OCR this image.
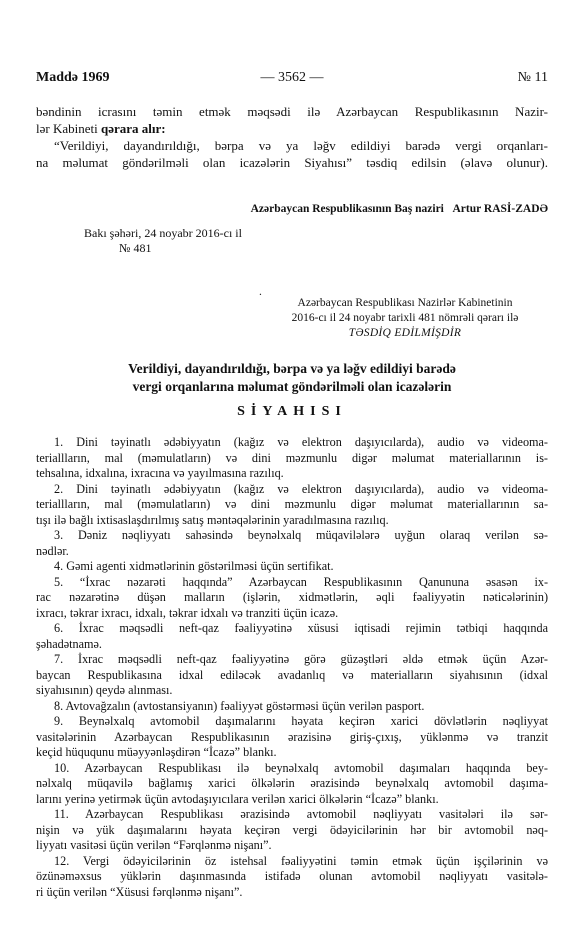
Maddə 1969	— 3562 —	№ 11
bəndinin icrasını təmin etmək məqsədi ilə Azərbaycan Respublikasının Nazir-
lər Kabineti qərara alır:
“Verildiyi, dayandırıldığı, bərpa və ya ləğv edildiyi barədə vergi orqanları-
na məlumat göndərilməli olan icazələrin Siyahısı” təsdiq edilsin (əlavə olunur).
Azərbaycan Respublikasının Baş naziri Artur RASİ-ZADƏ
Bakı şəhəri, 24 noyabr 2016-cı il
№ 481
.
Azərbaycan Respublikası Nazirlər Kabinetinin
2016-cı il 24 noyabr tarixli 481 nömrəli qərarı ilə
TƏSDİQ EDİLMİŞDİR
Verildiyi, dayandırıldığı, bərpa və ya ləğv edildiyi barədə
vergi orqanlarına məlumat göndərilməli olan icazələrin
SİYAHISI
1. Dini təyinatlı ədəbiyyatın (kağız və elektron daşıyıcılarda), audio və videoma-
teriallların, mal (məmulatların) və dini məzmunlu digər məlumat materiallarının is-
tehsalına, idxalına, ixracına və yayılmasına razılıq.
2. Dini təyinatlı ədəbiyyatın (kağız və elektron daşıyıcılarda), audio və videoma-
teriallların, mal (məmulatların) və dini məzmunlu digər məlumat materiallarının sa-
tışı ilə bağlı ixtisaslaşdırılmış satış məntəqələrinin yaradılmasına razılıq.
3. Dəniz nəqliyyatı sahəsində beynəlxalq müqavilələrə uyğun olaraq verilən sə-
nədlər.
4. Gəmi agenti xidmətlərinin göstərilməsi üçün sertifikat.
5. “İxrac nəzarəti haqqında” Azərbaycan Respublikasının Qanununa əsasən ix-
rac nəzarətinə düşən malların (işlərin, xidmətlərin, əqli fəaliyyətin nəticələrinin)
ixracı, təkrar ixracı, idxalı, təkrar idxalı və tranziti üçün icazə.
6. İxrac məqsədli neft-qaz fəaliyyətinə xüsusi iqtisadi rejimin tətbiqi haqqında
şəhadətnamə.
7. İxrac məqsədli neft-qaz fəaliyyətinə görə güzəştləri əldə etmək üçün Azər-
baycan Respublikasına idxal ediləcək avadanlıq və materialların siyahısının (idxal
siyahısının) qeydə alınması.
8. Avtovağzalın (avtostansiyanın) fəaliyyət göstərməsi üçün verilən pasport.
9. Beynəlxalq avtomobil daşımalarını həyata keçirən xarici dövlətlərin nəqliyyat
vasitələrinin Azərbaycan Respublikasının ərazisinə giriş-çıxış, yüklənmə və tranzit
keçid hüququnu müəyyənləşdirən “İcazə” blankı.
10. Azərbaycan Respublikası ilə beynəlxalq avtomobil daşımaları haqqında bey-
nəlxalq müqavilə bağlamış xarici ölkələrin ərazisində beynəlxalq avtomobil daşıma-
larını yerinə yetirmək üçün avtodaşıyıcılara verilən xarici ölkələrin “İcazə” blankı.
11. Azərbaycan Respublikası ərazisində avtomobil nəqliyyatı vasitələri ilə sər-
nişin və yük daşımalarını həyata keçirən vergi ödəyicilərinin hər bir avtomobil nəq-
liyyatı vasitəsi üçün verilən “Fərqlənmə nişanı”.
12. Vergi ödəyicilərinin öz istehsal fəaliyyətini təmin etmək üçün işçilərinin və
özünəməxsus yüklərin daşınmasında istifadə olunan avtomobil nəqliyyatı vasitələ-
ri üçün verilən “Xüsusi fərqlənmə nişanı”.
